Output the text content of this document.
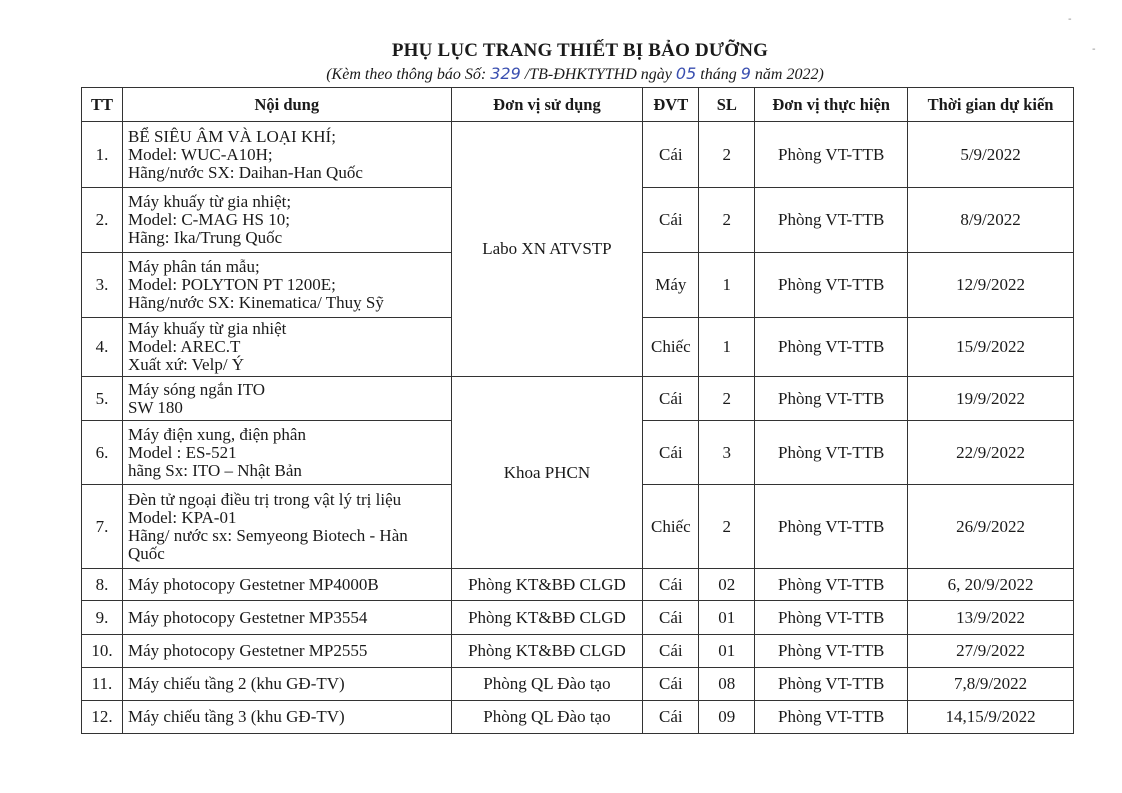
PHỤ LỤC TRANG THIẾT BỊ BẢO DƯỠNG
(Kèm theo thông báo Số: 329 /TB-ĐHKTYTHD ngày 05 tháng 9 năm 2022)
-
-
TT	Nội dung	Đơn vị sử dụng	ĐVT	SL	Đơn vị thực hiện	Thời gian dự kiến
1.	BỂ SIÊU ÂM VÀ LOẠI KHÍ;
Model: WUC-A10H;
Hãng/nước SX: Daihan-Han Quốc	Labo XN ATVSTP	Cái	2	Phòng VT-TTB	5/9/2022
2.	Máy khuấy từ gia nhiệt;
Model: C-MAG HS 10;
Hãng: Ika/Trung Quốc		Cái	2	Phòng VT-TTB	8/9/2022
3.	Máy phân tán mẫu;
Model: POLYTON PT 1200E;
Hãng/nước SX: Kinematica/ Thuỵ Sỹ		Máy	1	Phòng VT-TTB	12/9/2022
4.	Máy khuấy từ gia nhiệt
Model: AREC.T
Xuất xứ: Velp/ Ý		Chiếc	1	Phòng VT-TTB	15/9/2022
5.	Máy sóng ngắn ITO
SW 180	Khoa PHCN	Cái	2	Phòng VT-TTB	19/9/2022
6.	Máy điện xung, điện phân
Model : ES-521
hãng Sx: ITO – Nhật Bản		Cái	3	Phòng VT-TTB	22/9/2022
7.	Đèn tử ngoại điều trị trong vật lý trị liệu
Model: KPA-01
Hãng/ nước sx: Semyeong Biotech - Hàn
Quốc		Chiếc	2	Phòng VT-TTB	26/9/2022
8.	Máy photocopy Gestetner MP4000B	Phòng KT&BĐ CLGD	Cái	02	Phòng VT-TTB	6, 20/9/2022
9.	Máy photocopy Gestetner MP3554	Phòng KT&BĐ CLGD	Cái	01	Phòng VT-TTB	13/9/2022
10.	Máy photocopy Gestetner MP2555	Phòng KT&BĐ CLGD	Cái	01	Phòng VT-TTB	27/9/2022
11.	Máy chiếu tầng 2 (khu GĐ-TV)	Phòng QL Đào tạo	Cái	08	Phòng VT-TTB	7,8/9/2022
12.	Máy chiếu tầng 3 (khu GĐ-TV)	Phòng QL Đào tạo	Cái	09	Phòng VT-TTB	14,15/9/2022
